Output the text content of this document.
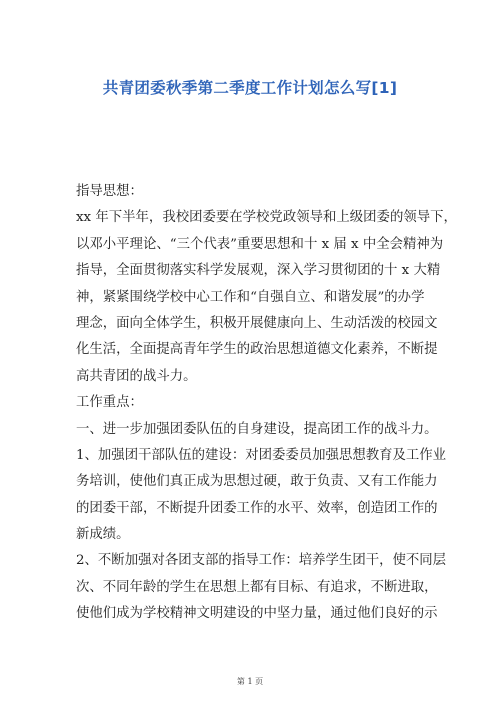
共青团委秋季第二季度工作计划怎么写[1]
指导思想：
xx 年下半年，我校团委要在学校党政领导和上级团委的领导下，
以邓小平理论、“三个代表”重要思想和十 x 届 x 中全会精神为
指导，全面贯彻落实科学发展观，深入学习贯彻团的十 x 大精
神，紧紧围绕学校中心工作和“自强自立、和谐发展”的办学
理念，面向全体学生，积极开展健康向上、生动活泼的校园文
化生活，全面提高青年学生的政治思想道德文化素养，不断提
高共青团的战斗力。
工作重点：
一、进一步加强团委队伍的自身建设，提高团工作的战斗力。
1、加强团干部队伍的建设：对团委委员加强思想教育及工作业
务培训，使他们真正成为思想过硬，敢于负责、又有工作能力
的团委干部，不断提升团委工作的水平、效率，创造团工作的
新成绩。
2、不断加强对各团支部的指导工作：培养学生团干，使不同层
次、不同年龄的学生在思想上都有目标、有追求，不断进取，
使他们成为学校精神文明建设的中坚力量，通过他们良好的示
第 1 页
